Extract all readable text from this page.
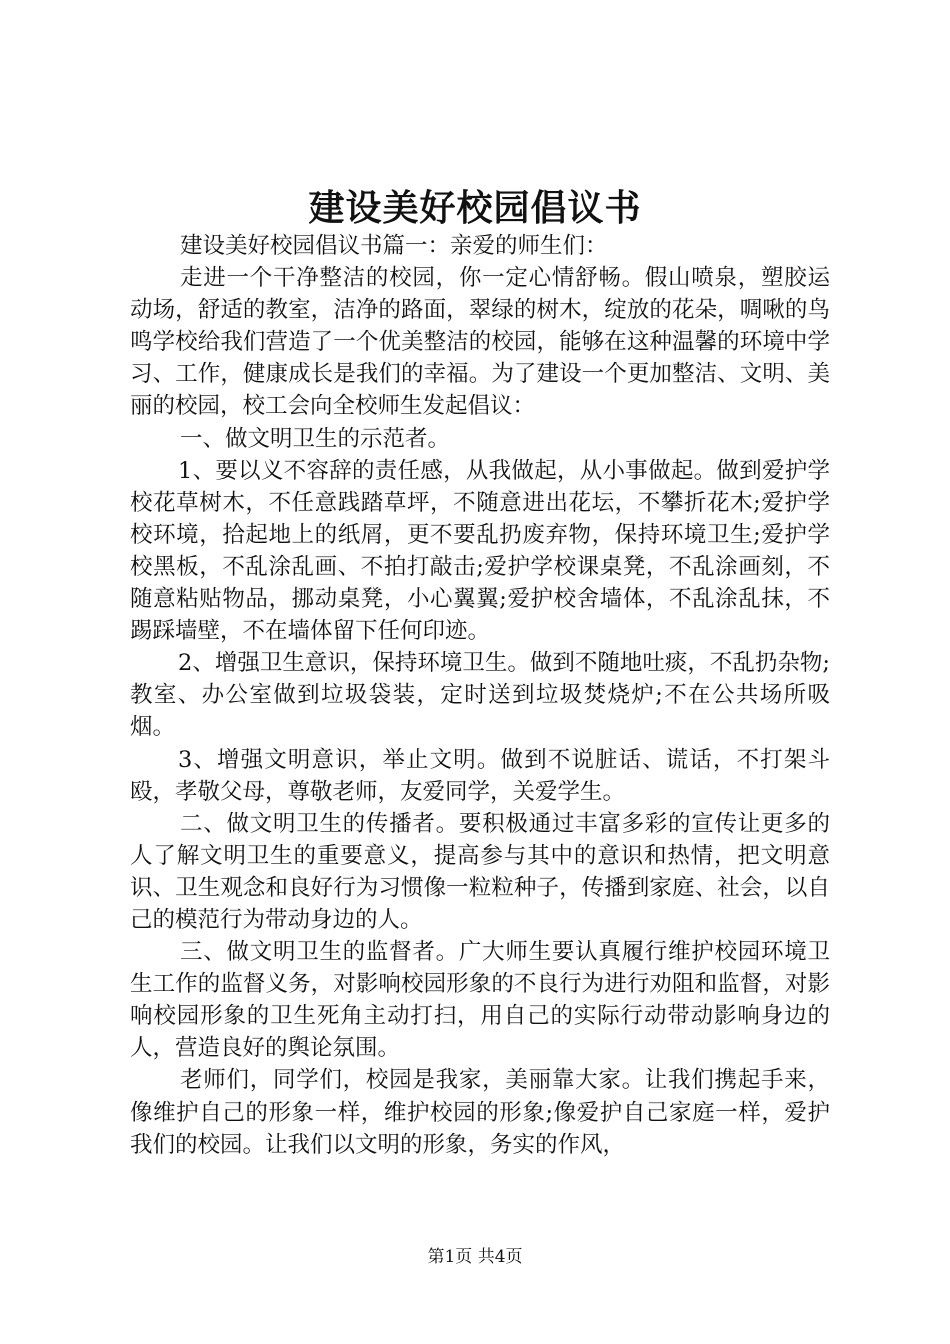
建设美好校园倡议书

建设美好校园倡议书篇一：亲爱的师生们：

走进一个干净整洁的校园，你一定心情舒畅。假山喷泉，塑胶运动场，舒适的教室，洁净的路面，翠绿的树木，绽放的花朵，啁啾的鸟鸣学校给我们营造了一个优美整洁的校园，能够在这种温馨的环境中学习、工作，健康成长是我们的幸福。为了建设一个更加整洁、文明、美丽的校园，校工会向全校师生发起倡议：

一、做文明卫生的示范者。

1、要以义不容辞的责任感，从我做起，从小事做起。做到爱护学校花草树木，不任意践踏草坪，不随意进出花坛，不攀折花木;爱护学校环境，拾起地上的纸屑，更不要乱扔废弃物，保持环境卫生;爱护学校黑板，不乱涂乱画、不拍打敲击;爱护学校课桌凳，不乱涂画刻，不随意粘贴物品，挪动桌凳，小心翼翼;爱护校舍墙体，不乱涂乱抹，不踢踩墙壁，不在墙体留下任何印迹。

2、增强卫生意识，保持环境卫生。做到不随地吐痰，不乱扔杂物;教室、办公室做到垃圾袋装，定时送到垃圾焚烧炉;不在公共场所吸烟。

3、增强文明意识，举止文明。做到不说脏话、谎话，不打架斗殴，孝敬父母，尊敬老师，友爱同学，关爱学生。

二、做文明卫生的传播者。要积极通过丰富多彩的宣传让更多的人了解文明卫生的重要意义，提高参与其中的意识和热情，把文明意识、卫生观念和良好行为习惯像一粒粒种子，传播到家庭、社会，以自己的模范行为带动身边的人。

三、做文明卫生的监督者。广大师生要认真履行维护校园环境卫生工作的监督义务，对影响校园形象的不良行为进行劝阻和监督，对影响校园形象的卫生死角主动打扫，用自己的实际行动带动影响身边的人，营造良好的舆论氛围。

老师们，同学们，校园是我家，美丽靠大家。让我们携起手来，像维护自己的形象一样，维护校园的形象;像爱护自己家庭一样，爱护我们的校园。让我们以文明的形象，务实的作风，

第1页 共4页
